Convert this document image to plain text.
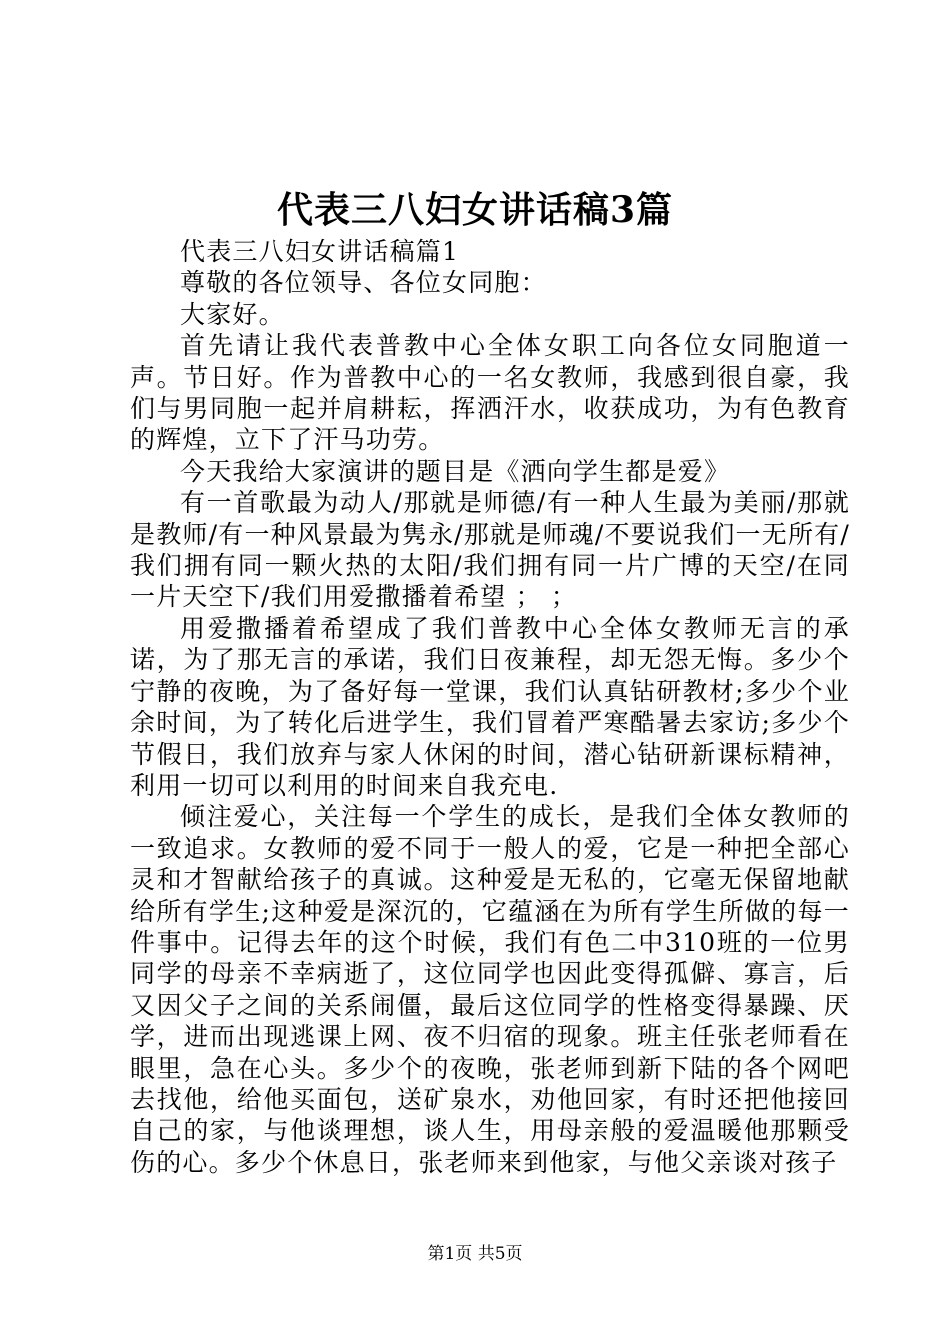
代表三八妇女讲话稿3篇

代表三八妇女讲话稿篇1

尊敬的各位领导、各位女同胞：

大家好。

首先请让我代表普教中心全体女职工向各位女同胞道一声。节日好。作为普教中心的一名女教师，我感到很自豪，我们与男同胞一起并肩耕耘，挥洒汗水，收获成功，为有色教育的辉煌，立下了汗马功劳。

今天我给大家演讲的题目是《洒向学生都是爱》

有一首歌最为动人/那就是师德/有一种人生最为美丽/那就是教师/有一种风景最为隽永/那就是师魂/不要说我们一无所有/我们拥有同一颗火热的太阳/我们拥有同一片广博的天空/在同一片天空下/我们用爱撒播着希望 ； ；

用爱撒播着希望成了我们普教中心全体女教师无言的承诺，为了那无言的承诺，我们日夜兼程，却无怨无悔。多少个宁静的夜晚，为了备好每一堂课，我们认真钻研教材;多少个业余时间，为了转化后进学生，我们冒着严寒酷暑去家访;多少个节假日，我们放弃与家人休闲的时间，潜心钻研新课标精神，利用一切可以利用的时间来自我充电.

倾注爱心，关注每一个学生的成长，是我们全体女教师的一致追求。女教师的爱不同于一般人的爱，它是一种把全部心灵和才智献给孩子的真诚。这种爱是无私的，它毫无保留地献给所有学生;这种爱是深沉的，它蕴涵在为所有学生所做的每一件事中。记得去年的这个时候，我们有色二中310班的一位男同学的母亲不幸病逝了，这位同学也因此变得孤僻、寡言，后又因父子之间的关系闹僵，最后这位同学的性格变得暴躁、厌学，进而出现逃课上网、夜不归宿的现象。班主任张老师看在眼里，急在心头。多少个的夜晚，张老师到新下陆的各个网吧去找他，给他买面包，送矿泉水，劝他回家，有时还把他接回自己的家，与他谈理想，谈人生，用母亲般的爱温暖他那颗受伤的心。多少个休息日，张老师来到他家，与他父亲谈对孩子

第1页 共5页
